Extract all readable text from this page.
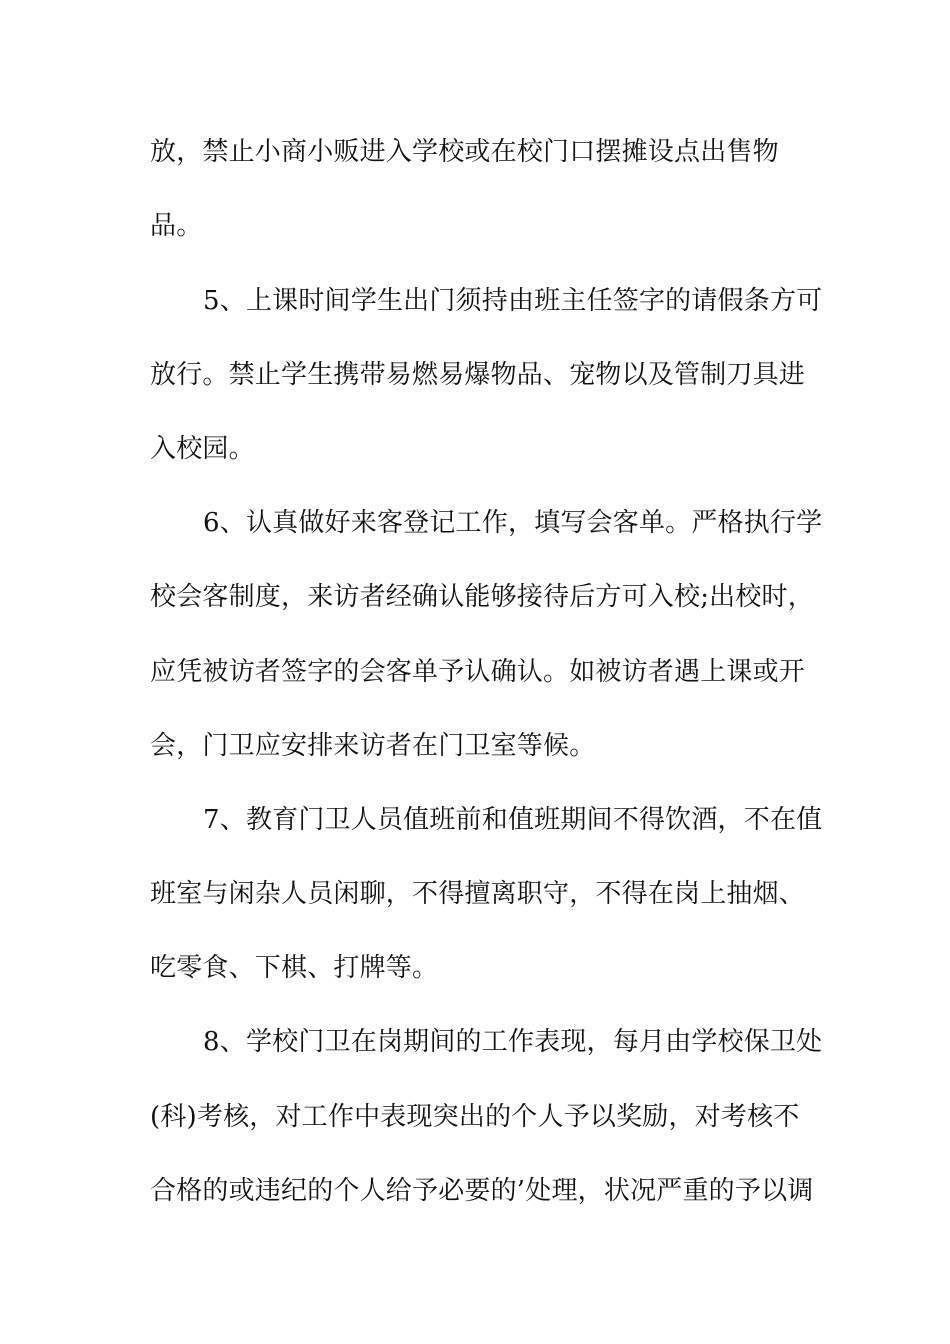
放，禁止小商小贩进入学校或在校门口摆摊设点出售物
品。
5、上课时间学生出门须持由班主任签字的请假条方可
放行。禁止学生携带易燃易爆物品、宠物以及管制刀具进
入校园。
6、认真做好来客登记工作，填写会客单。严格执行学
校会客制度，来访者经确认能够接待后方可入校;出校时，
应凭被访者签字的会客单予认确认。如被访者遇上课或开
会，门卫应安排来访者在门卫室等候。
7、教育门卫人员值班前和值班期间不得饮酒，不在值
班室与闲杂人员闲聊，不得擅离职守，不得在岗上抽烟、
吃零食、下棋、打牌等。
8、学校门卫在岗期间的工作表现，每月由学校保卫处
(科)考核，对工作中表现突出的个人予以奖励，对考核不
合格的或违纪的个人给予必要的’处理，状况严重的予以调
